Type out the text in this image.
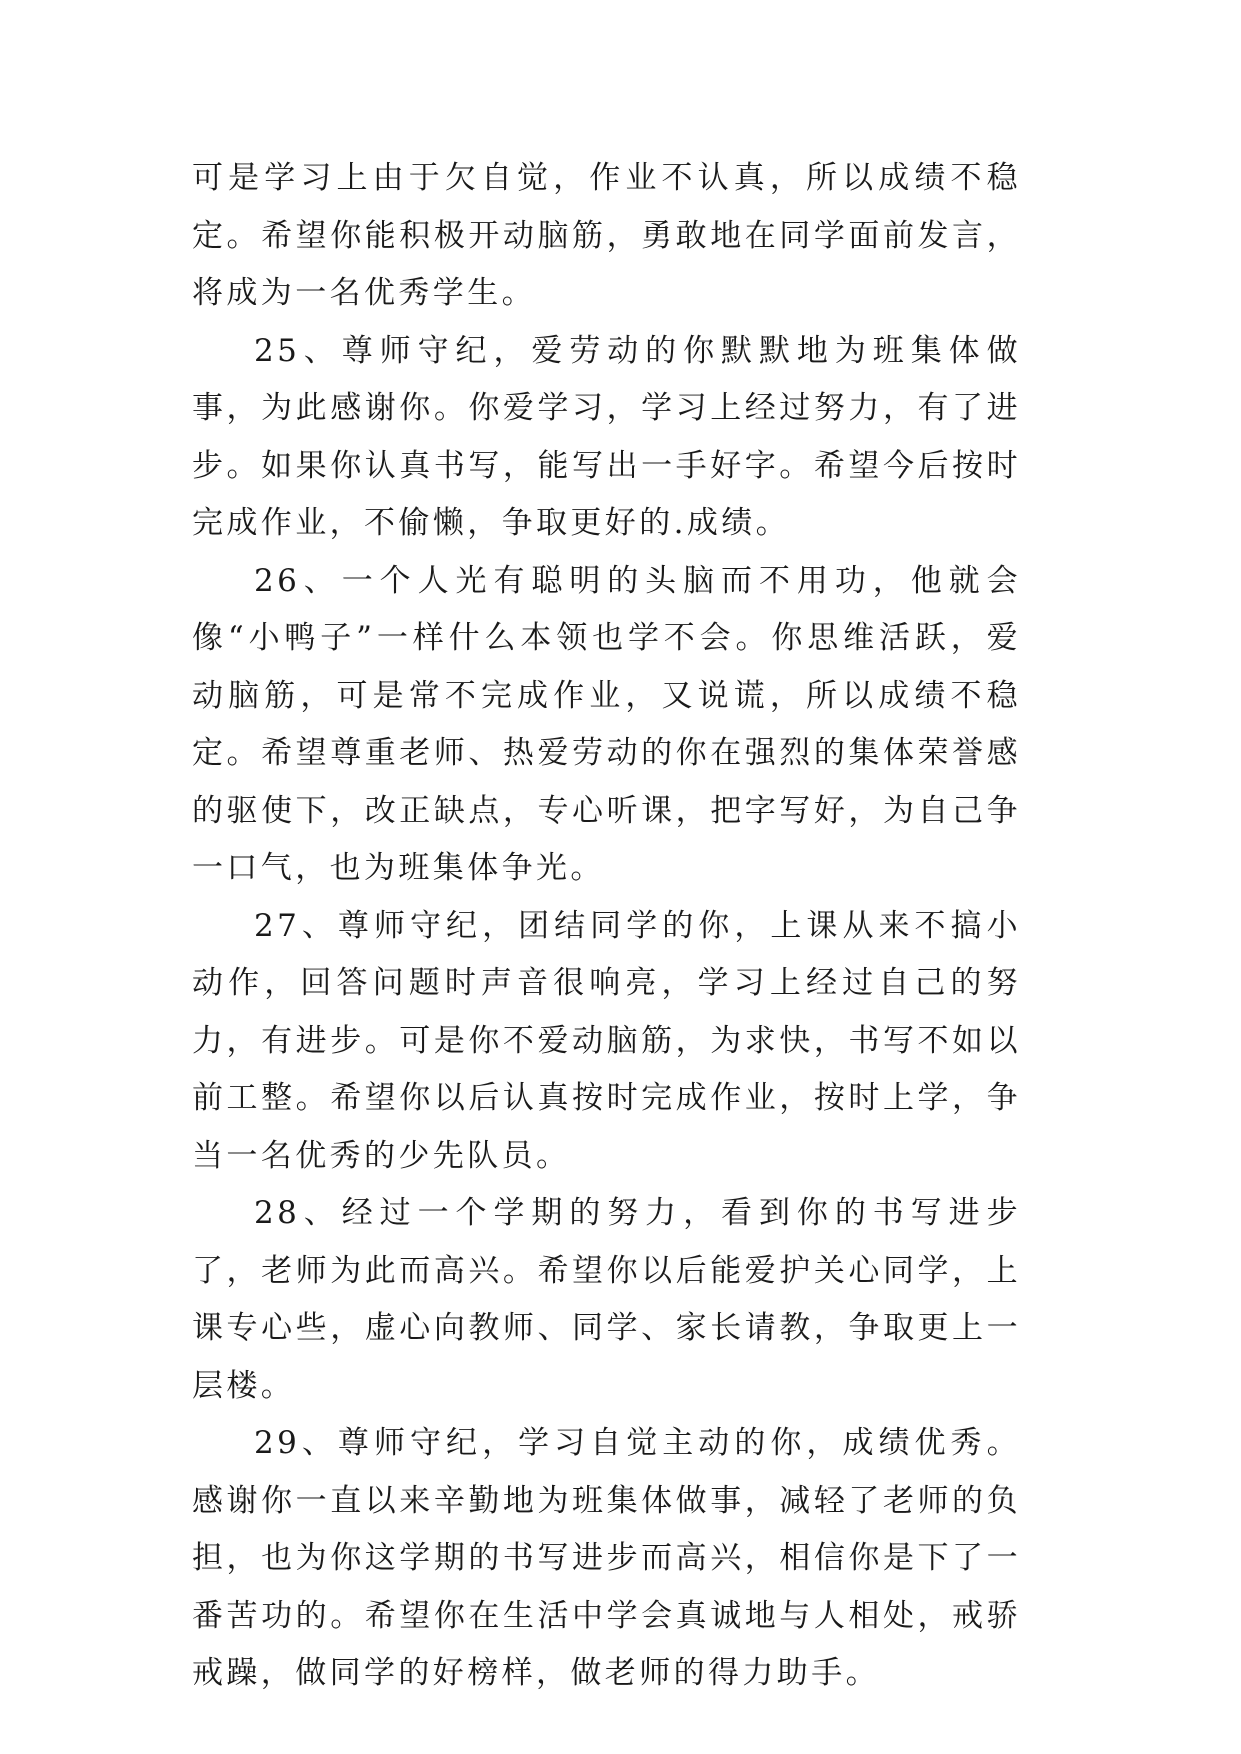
可是学习上由于欠自觉，作业不认真，所以成绩不稳定。希望你能积极开动脑筋，勇敢地在同学面前发言，将成为一名优秀学生。

25、尊师守纪，爱劳动的你默默地为班集体做事，为此感谢你。你爱学习，学习上经过努力，有了进步。如果你认真书写，能写出一手好字。希望今后按时完成作业，不偷懒，争取更好的.成绩。

26、一个人光有聪明的头脑而不用功，他就会像“小鸭子”一样什么本领也学不会。你思维活跃，爱动脑筋，可是常不完成作业，又说谎，所以成绩不稳定。希望尊重老师、热爱劳动的你在强烈的集体荣誉感的驱使下，改正缺点，专心听课，把字写好，为自己争一口气，也为班集体争光。

27、尊师守纪，团结同学的你，上课从来不搞小动作，回答问题时声音很响亮，学习上经过自己的努力，有进步。可是你不爱动脑筋，为求快，书写不如以前工整。希望你以后认真按时完成作业，按时上学，争当一名优秀的少先队员。

28、经过一个学期的努力，看到你的书写进步了，老师为此而高兴。希望你以后能爱护关心同学，上课专心些，虚心向教师、同学、家长请教，争取更上一层楼。

29、尊师守纪，学习自觉主动的你，成绩优秀。感谢你一直以来辛勤地为班集体做事，减轻了老师的负担，也为你这学期的书写进步而高兴，相信你是下了一番苦功的。希望你在生活中学会真诚地与人相处，戒骄戒躁，做同学的好榜样，做老师的得力助手。
